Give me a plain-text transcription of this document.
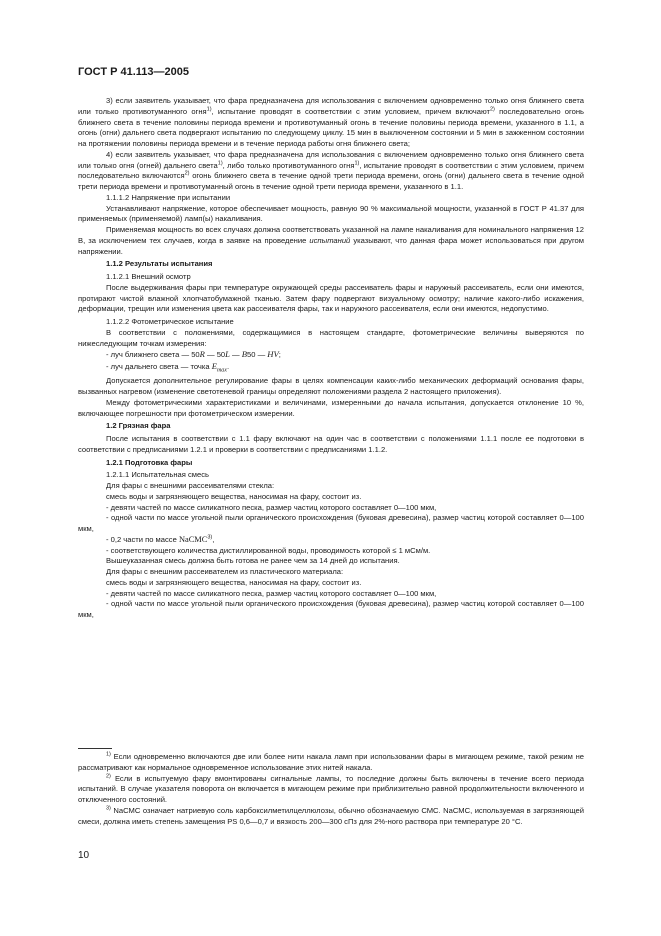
ГОСТ Р 41.113—2005

3) если заявитель указывает, что фара предназначена для использования с включением одновременно только огня ближнего света или только противотуманного огня$^{1)}$, испытание проводят в соответствии с этим условием, причем включают$^{2)}$ последовательно огонь ближнего света в течение половины периода времени и противотуманный огонь в течение половины периода времени, указанного в 1.1, а огонь (огни) дальнего света подвергают испытанию по следующему циклу. 15 мин в выключенном состоянии и 5 мин в зажженном состоянии на протяжении половины периода времени и в течение периода работы огня ближнего света;

4) если заявитель указывает, что фара предназначена для использования с включением одновременно только огня ближнего света или только огня (огней) дальнего света$^{1)}$, либо только противотуманного огня$^{1)}$, испытание проводят в соответствии с этим условием, причем последовательно включаются$^{2)}$ огонь ближнего света в течение одной трети периода времени, огонь (огни) дальнего света в течение одной трети периода времени и противотуманный огонь в течение одной трети периода времени, указанного в 1.1.

1.1.1.2 Напряжение при испытании

Устанавливают напряжение, которое обеспечивает мощность, равную 90 % максимальной мощности, указанной в ГОСТ Р 41.37 для применяемых (применяемой) ламп(ы) накаливания.

Применяемая мощность во всех случаях должна соответствовать указанной на лампе накаливания для номинального напряжения 12 В, за исключением тех случаев, когда в заявке на проведение испытаний указывают, что данная фара может использоваться при другом напряжении.

1.1.2 Результаты испытания

1.1.2.1 Внешний осмотр

После выдерживания фары при температуре окружающей среды рассеиватель фары и наружный рассеиватель, если они имеются, протирают чистой влажной хлопчатобумажной тканью. Затем фару подвергают визуальному осмотру; наличие какого-либо искажения, деформации, трещин или изменения цвета как рассеивателя фары, так и наружного рассеивателя, если они имеются, недопустимо.

1.1.2.2 Фотометрическое испытание

В соответствии с положениями, содержащимися в настоящем стандарте, фотометрические величины выверяются по нижеследующим точкам измерения:

- луч ближнего света — 50R — 50L — B50 — HV;

- луч дальнего света — точка $E_{max}$.

Допускается дополнительное регулирование фары в целях компенсации каких-либо механических деформаций основания фары, вызванных нагревом (изменение светотеневой границы определяют положениями раздела 2 настоящего приложения).

Между фотометрическими характеристиками и величинами, измеренными до начала испытания, допускается отклонение 10 %, включающее погрешности при фотометрическом измерении.

1.2 Грязная фара

После испытания в соответствии с 1.1 фару включают на один час в соответствии с положениями 1.1.1 после ее подготовки в соответствии с предписаниями 1.2.1 и проверки в соответствии с предписаниями 1.1.2.

1.2.1 Подготовка фары

1.2.1.1 Испытательная смесь

Для фары с внешними рассеивателями стекла:

смесь воды и загрязняющего вещества, наносимая на фару, состоит из.

- девяти частей по массе силикатного песка, размер частиц которого составляет 0—100 мкм,

- одной части по массе угольной пыли органического происхождения (буковая древесина), размер частиц которой составляет 0—100 мкм,

- 0,2 части по массе NaCMC$^{3)}$,

- соответствующего количества дистиллированной воды, проводимость которой ≤ 1 мСм/м.

Вышеуказанная смесь должна быть готова не ранее чем за 14 дней до испытания.

Для фары с внешним рассеивателем из пластического материала:

смесь воды и загрязняющего вещества, наносимая на фару, состоит из.

- девяти частей по массе силикатного песка, размер частиц которого составляет 0—100 мкм,

- одной части по массе угольной пыли органического происхождения (буковая древесина), размер частиц которой составляет 0—100 мкм,

$^{1)}$ Если одновременно включаются две или более нити накала ламп при использовании фары в мигающем режиме, такой режим не рассматривают как нормальное одновременное использование этих нитей накала.

$^{2)}$ Если в испытуемую фару вмонтированы сигнальные лампы, то последние должны быть включены в течение всего периода испытаний. В случае указателя поворота он включается в мигающем режиме при приблизительно равной продолжительности включенного и отключенного состояний.

$^{3)}$ NaCMC означает натриевую соль карбоксилметилцеллюлозы, обычно обозначаемую СМС. NaCMC, используемая в загрязняющей смеси, должна иметь степень замещения PS 0,6—0,7 и вязкость 200—300 сПз для 2%-ного раствора при температуре 20 °С.

10
